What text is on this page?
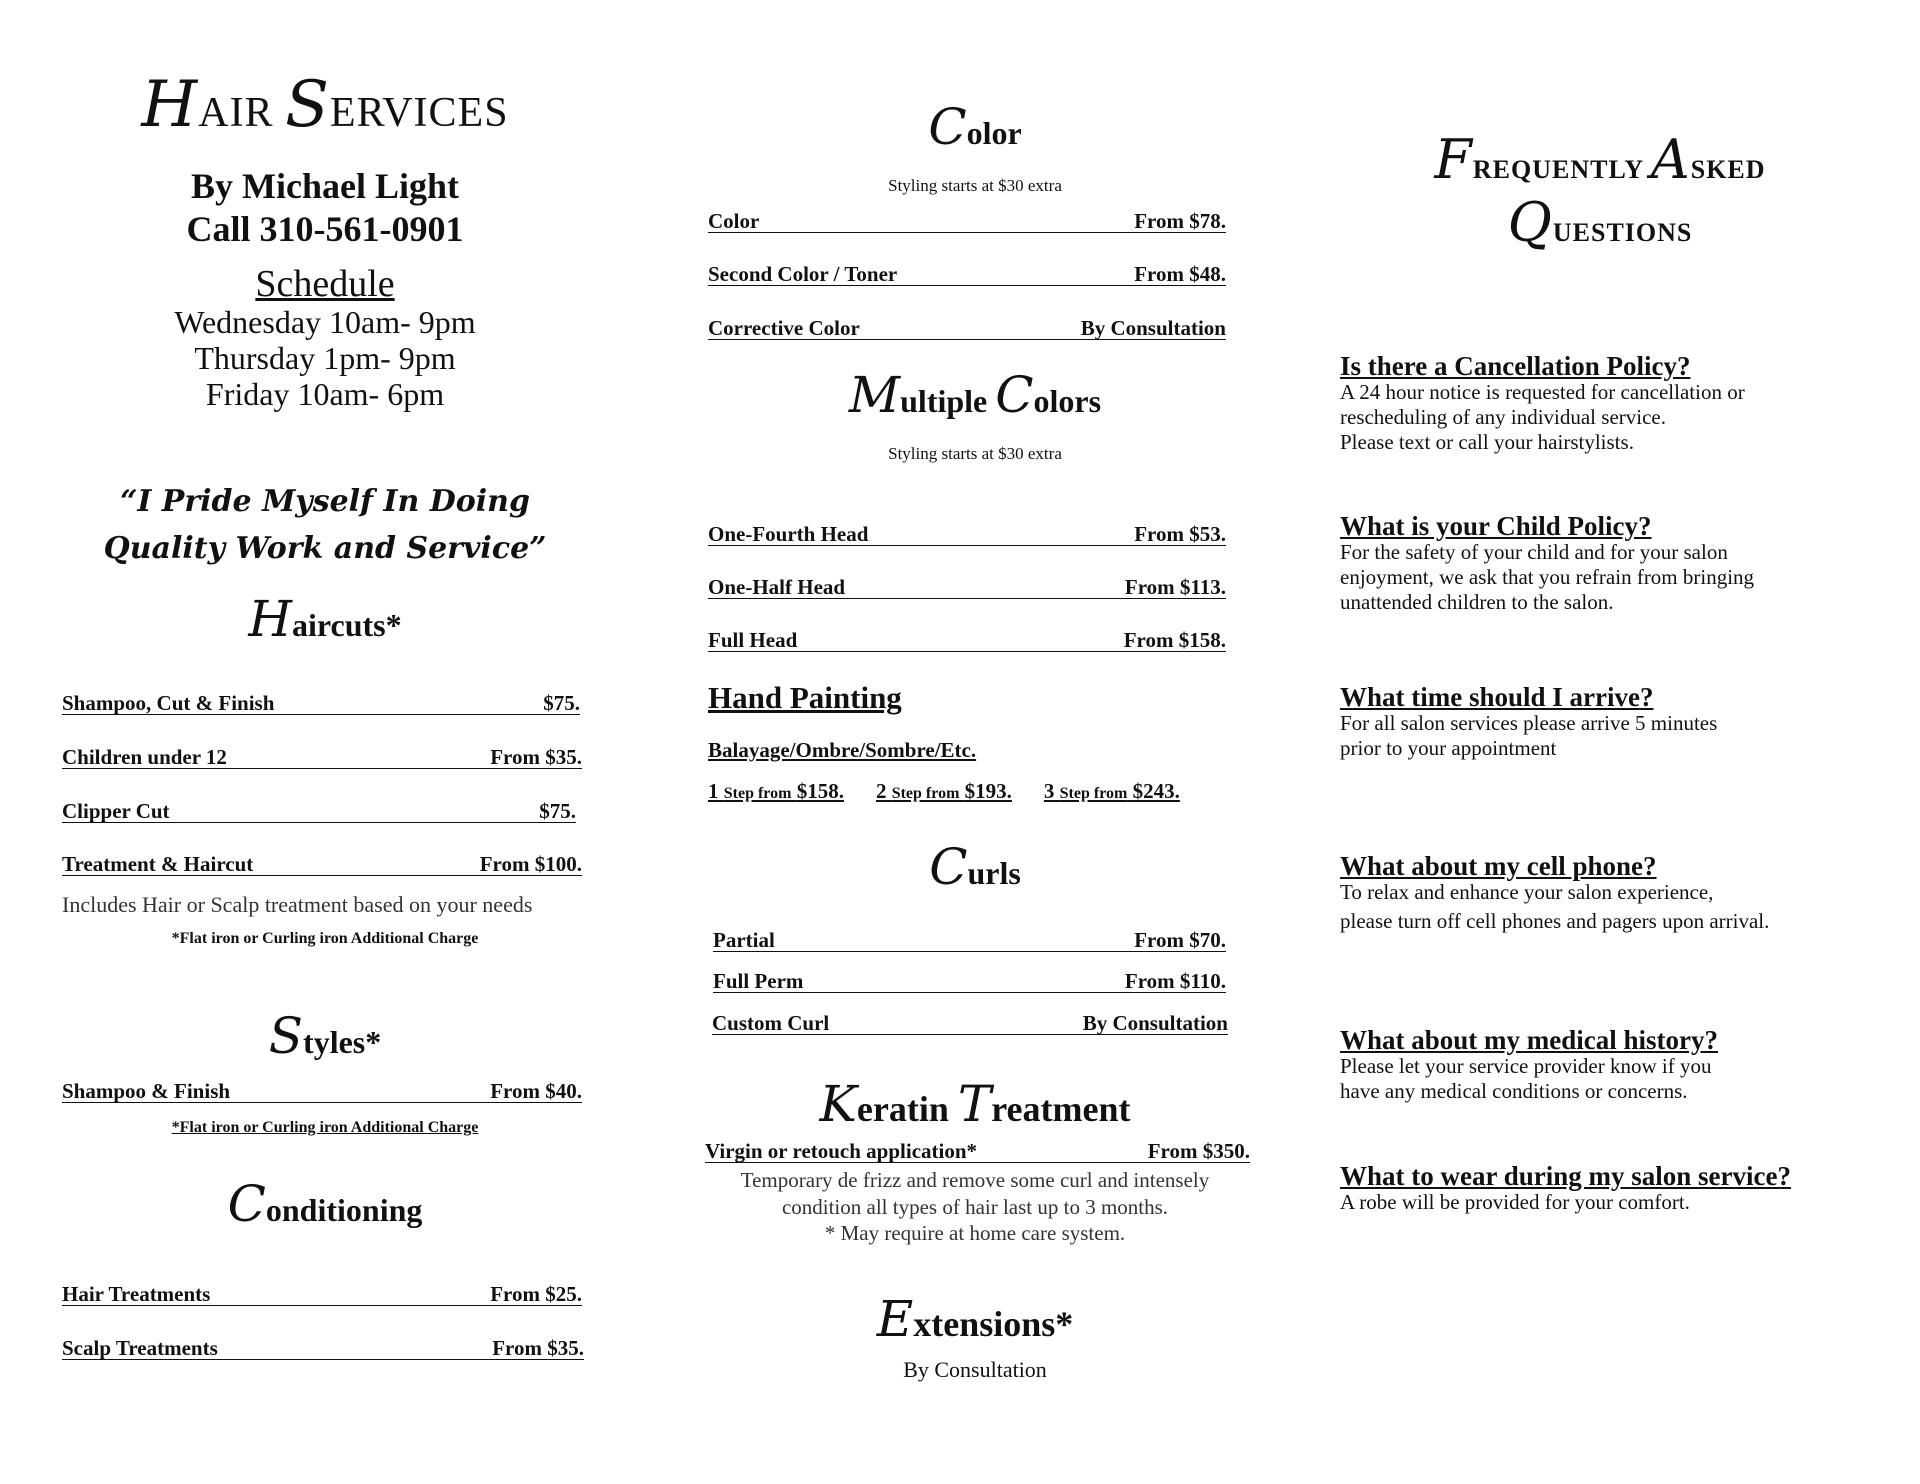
HAIR SERVICES
By Michael Light
Call 310-561-0901
Schedule
Wednesday 10am- 9pm
Thursday 1pm- 9pm
Friday 10am- 6pm
“I Pride Myself In Doing
Quality Work and Service”
Haircuts*
Shampoo, Cut & Finish	$75.
Children under 12	From $35.
Clipper Cut	$75.
Treatment & Haircut	From $100.
Includes Hair or Scalp treatment based on your needs
*Flat iron or Curling iron Additional Charge
Styles*
Shampoo & Finish	From $40.
*Flat iron or Curling iron Additional Charge
Conditioning
Hair Treatments	From $25.
Scalp Treatments	From $35.
Color
Styling starts at $30 extra
Color	From $78.
Second Color / Toner	From $48.
Corrective Color	By Consultation
Multiple Colors
Styling starts at $30 extra
One-Fourth Head	From $53.
One-Half Head	From $113.
Full Head	From $158.
Hand Painting
Balayage/Ombre/Sombre/Etc.
1 Step from $158. 2 Step from $193. 3 Step from $243.
Curls
Partial	From $70.
Full Perm	From $110.
Custom Curl	By Consultation
Keratin Treatment
Virgin or retouch application*	From $350.
Temporary de frizz and remove some curl and intensely
condition all types of hair last up to 3 months.
* May require at home care system.
Extensions*
By Consultation
FREQUENTLY ASKED QUESTIONS
Is there a Cancellation Policy?
A 24 hour notice is requested for cancellation or
rescheduling of any individual service.
Please text or call your hairstylists.
What is your Child Policy?
For the safety of your child and for your salon
enjoyment, we ask that you refrain from bringing
unattended children to the salon.
What time should I arrive?
For all salon services please arrive 5 minutes
prior to your appointment
What about my cell phone?
To relax and enhance your salon experience,
please turn off cell phones and pagers upon arrival.
What about my medical history?
Please let your service provider know if you
have any medical conditions or concerns.
What to wear during my salon service?
A robe will be provided for your comfort.
